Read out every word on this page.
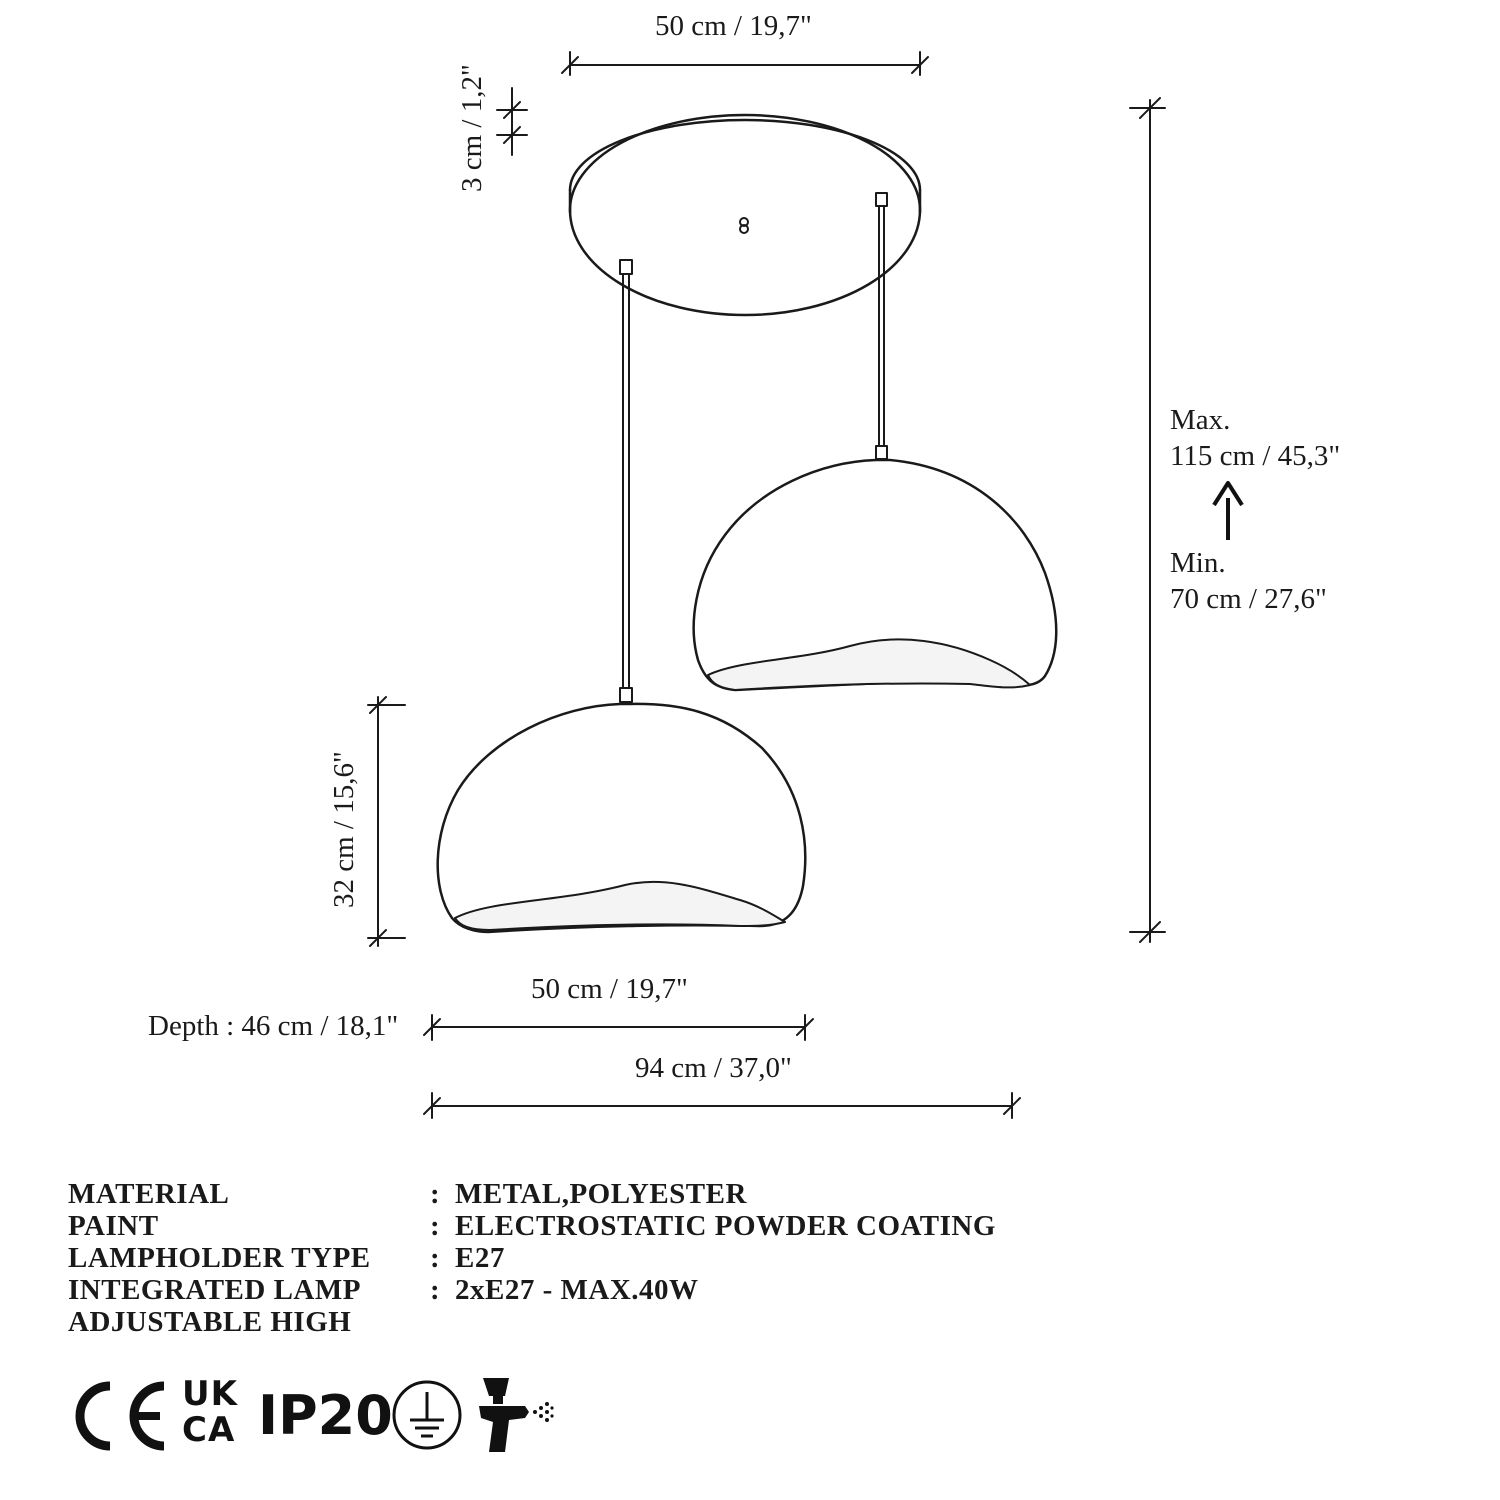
50 cm / 19,7"
3 cm / 1,2"
32 cm / 15,6"
50 cm / 19,7"
Depth : 46 cm / 18,1"
94 cm / 37,0"
Max.
115 cm / 45,3"
Min.
70 cm / 27,6"
MATERIAL	: METAL,POLYESTER
PAINT	: ELECTROSTATIC POWDER COATING
LAMPHOLDER TYPE : E27
INTEGRATED LAMP : 2xE27 - MAX.40W
ADJUSTABLE HIGH
UK
CA IP20
